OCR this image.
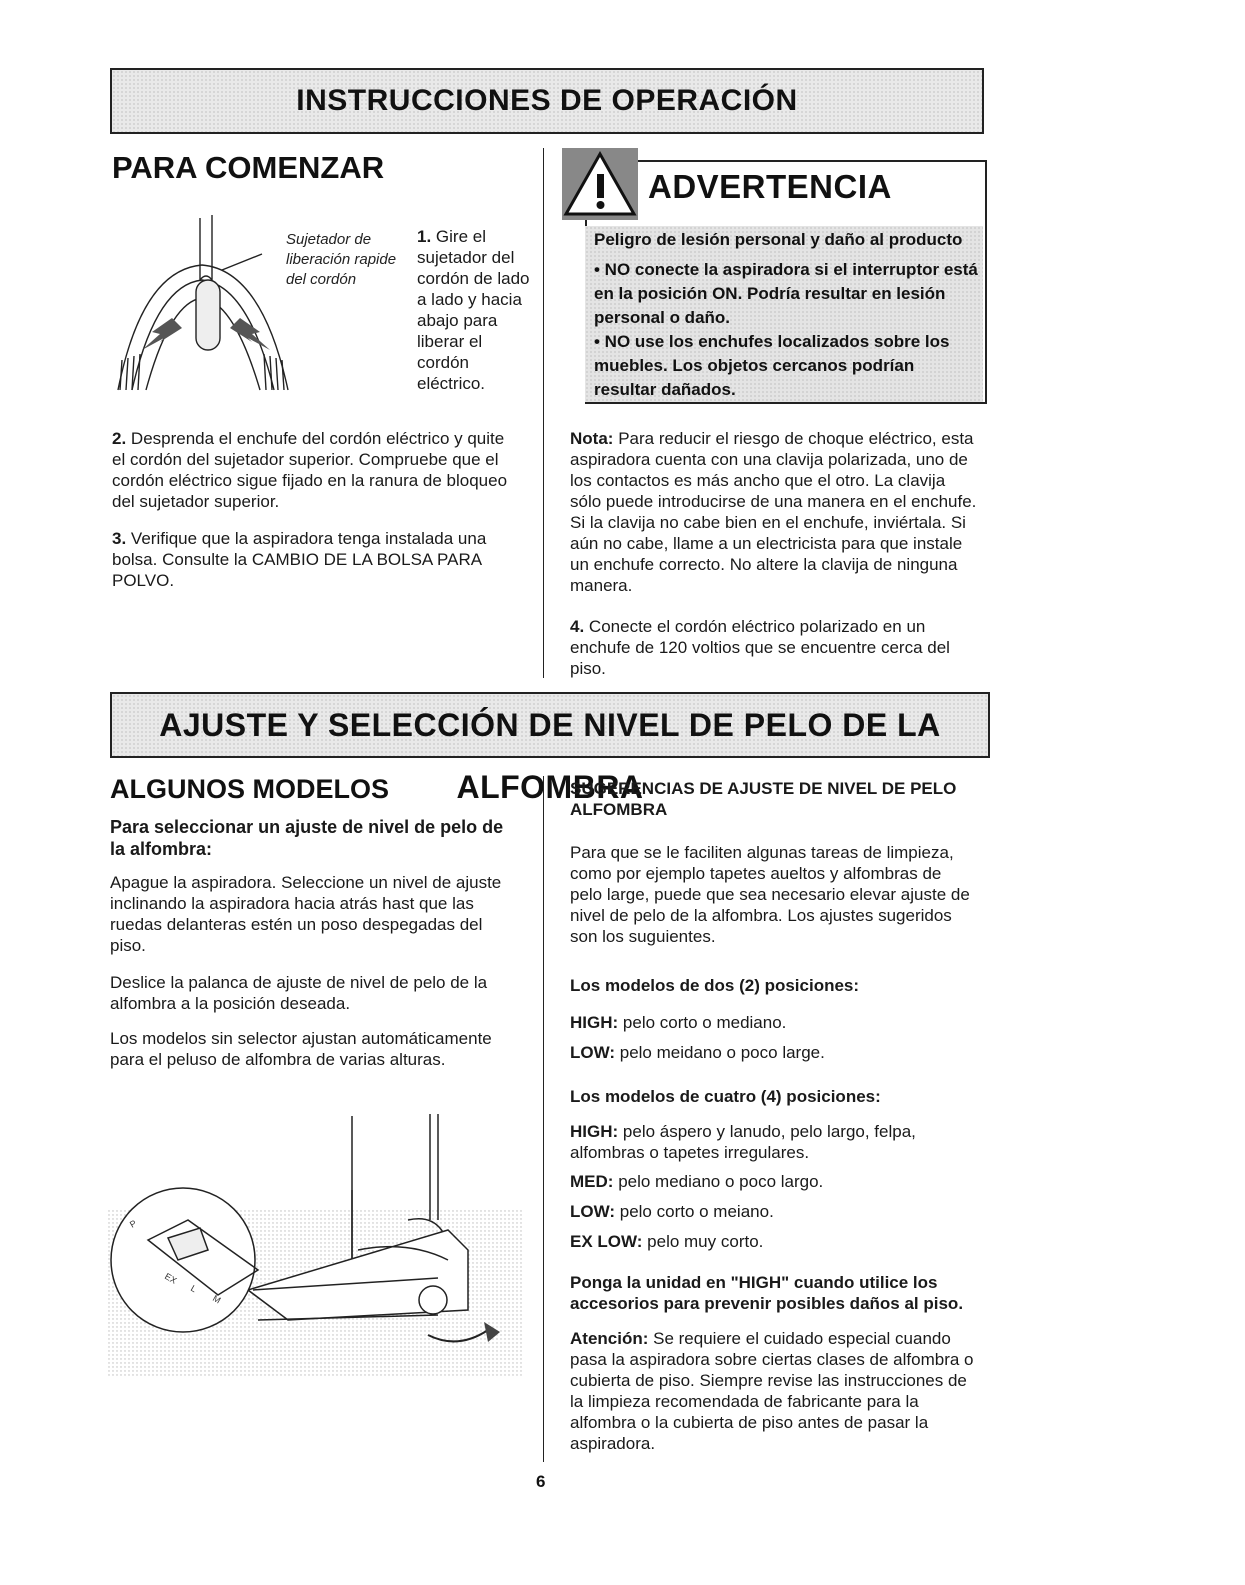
INSTRUCCIONES DE OPERACIÓN
PARA COMENZAR

Sujetador de liberación rapide del cordón

1. Gire el sujetador del cordón de lado a lado y hacia abajo para liberar el cordón eléctrico.

2. Desprenda el enchufe del cordón eléctrico y quite el cordón del sujetador superior. Compruebe que el cordón eléctrico sigue fijado en la ranura de bloqueo del sujetador superior.

3. Verifique que la aspiradora tenga instalada una bolsa. Consulte la CAMBIO DE LA BOLSA PARA POLVO.

ADVERTENCIA

Peligro de lesión personal y daño al producto

• NO conecte la aspiradora si el interruptor está en la posición ON. Podría resultar en lesión personal o daño.

• NO use los enchufes localizados sobre los muebles. Los objetos cercanos podrían resultar dañados.

Nota: Para reducir el riesgo de choque eléctrico, esta aspiradora cuenta con una clavija polarizada, uno de los contactos es más ancho que el otro. La clavija sólo puede introducirse de una manera en el enchufe. Si la clavija no cabe bien en el enchufe, inviértala. Si aún no cabe, llame a un electricista para que instale un enchufe correcto. No altere la clavija de ninguna manera.

4. Conecte el cordón eléctrico polarizado en un enchufe de 120 voltios que se encuentre cerca del piso.

AJUSTE Y SELECCIÓN DE NIVEL DE PELO DE LA ALFOMBRA
ALGUNOS MODELOS

Para seleccionar un ajuste de nivel de pelo de la alfombra:

Apague la aspiradora. Seleccione un nivel de ajuste inclinando la aspiradora hacia atrás hast que las ruedas delanteras estén un poso despegadas del piso.

Deslice la palanca de ajuste de nivel de pelo de la alfombra a la posición deseada.

Los modelos sin selector ajustan automáticamente para el peluso de alfombra de varias alturas.

P
EX
L
M

SUGERENCIAS DE AJUSTE DE NIVEL DE PELO ALFOMBRA

Para que se le faciliten algunas tareas de limpieza, como por ejemplo tapetes aueltos y alfombras de pelo large, puede que sea necesario elevar ajuste de nivel de pelo de la alfombra. Los ajustes sugeridos son los suguientes.

Los modelos de dos (2) posiciones:

HIGH: pelo corto o mediano.

LOW: pelo meidano o poco large.

Los modelos de cuatro (4) posiciones:

HIGH: pelo áspero y lanudo, pelo largo, felpa, alfombras o tapetes irregulares.

MED: pelo mediano o poco largo.

LOW: pelo corto o meiano.

EX LOW: pelo muy corto.

Ponga la unidad en "HIGH" cuando utilice los accesorios para prevenir posibles daños al piso.

Atención: Se requiere el cuidado especial cuando pasa la aspiradora sobre ciertas clases de alfombra o cubierta de piso. Siempre revise las instrucciones de la limpieza recomendada de fabricante para la alfombra o la cubierta de piso antes de pasar la aspiradora.

6
